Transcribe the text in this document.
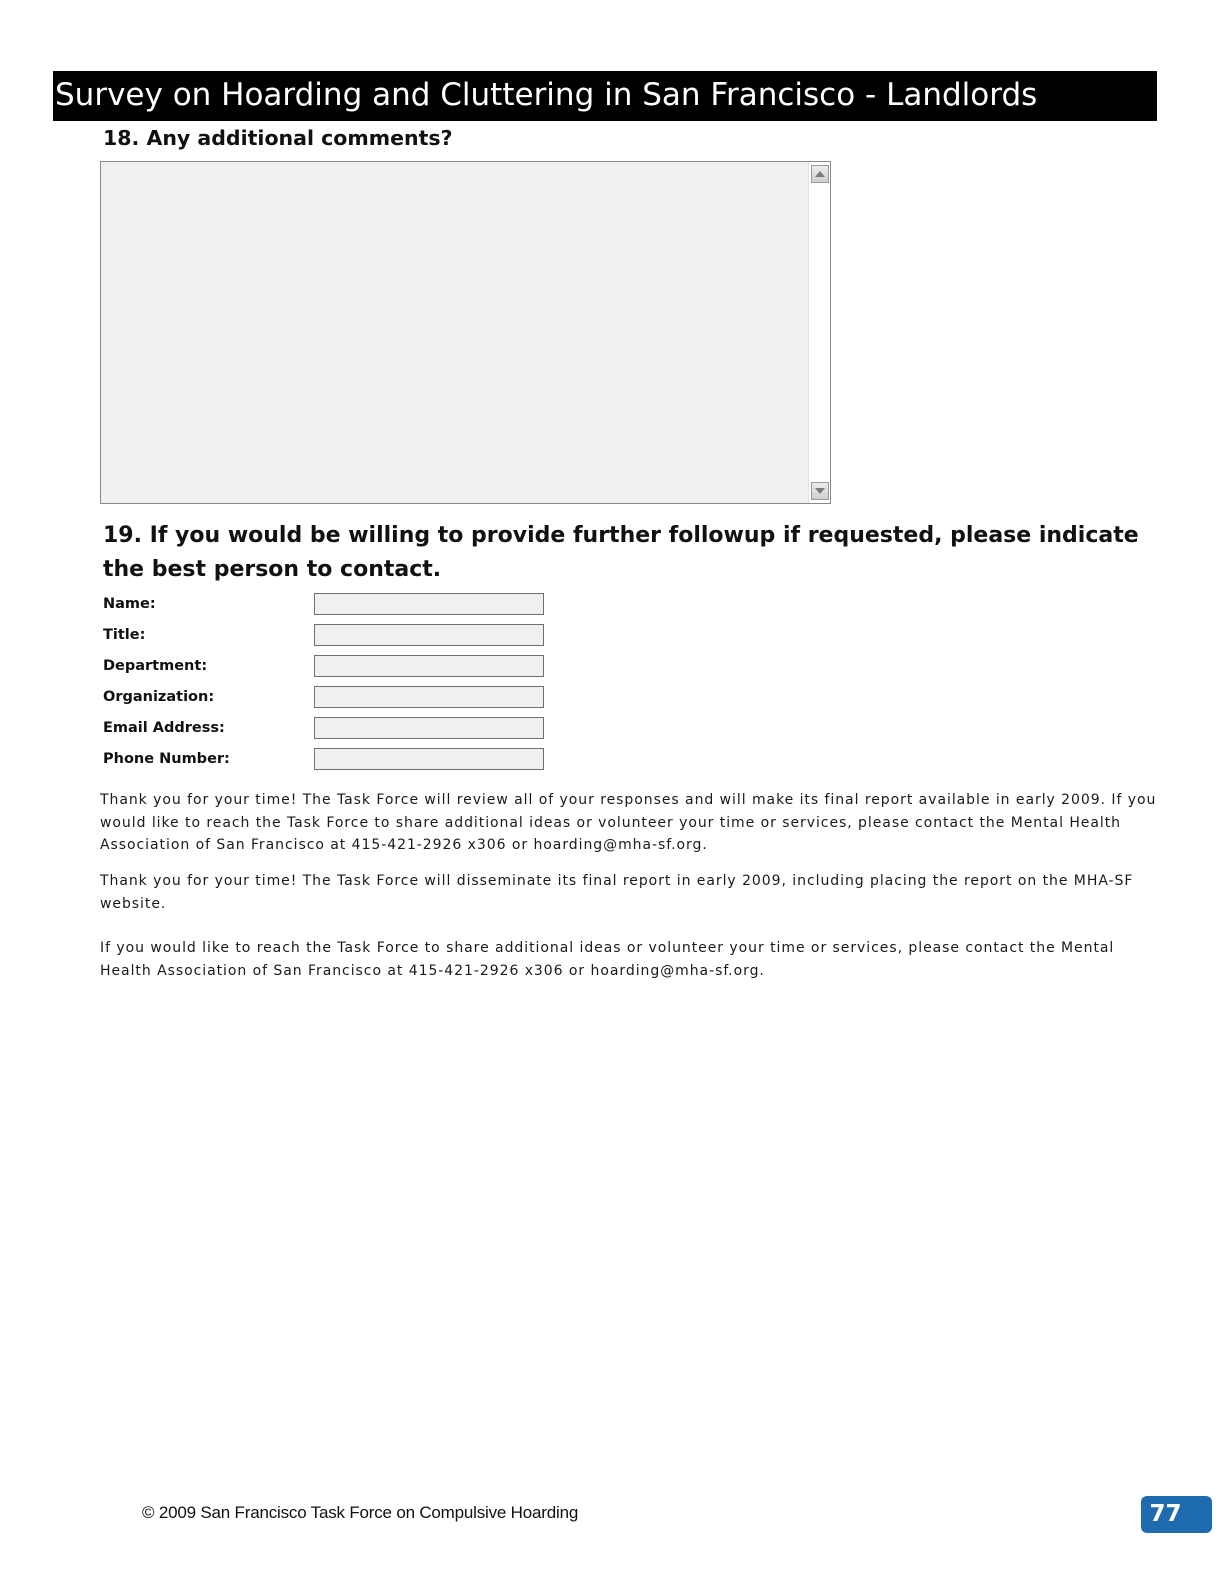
Survey on Hoarding and Cluttering in San Francisco - Landlords
18. Any additional comments?
19. If you would be willing to provide further followup if requested, please indicate the best person to contact.
Name:
Title:
Department:
Organization:
Email Address:
Phone Number:
Thank you for your time! The Task Force will review all of your responses and will make its final report available in early 2009. If you would like to reach the Task Force to share additional ideas or volunteer your time or services, please contact the Mental Health Association of San Francisco at 415-421-2926 x306 or hoarding@mha-sf.org.
Thank you for your time! The Task Force will disseminate its final report in early 2009, including placing the report on the MHA-SF website.
If you would like to reach the Task Force to share additional ideas or volunteer your time or services, please contact the Mental Health Association of San Francisco at 415-421-2926 x306 or hoarding@mha-sf.org.
© 2009 San Francisco Task Force on Compulsive Hoarding	77
